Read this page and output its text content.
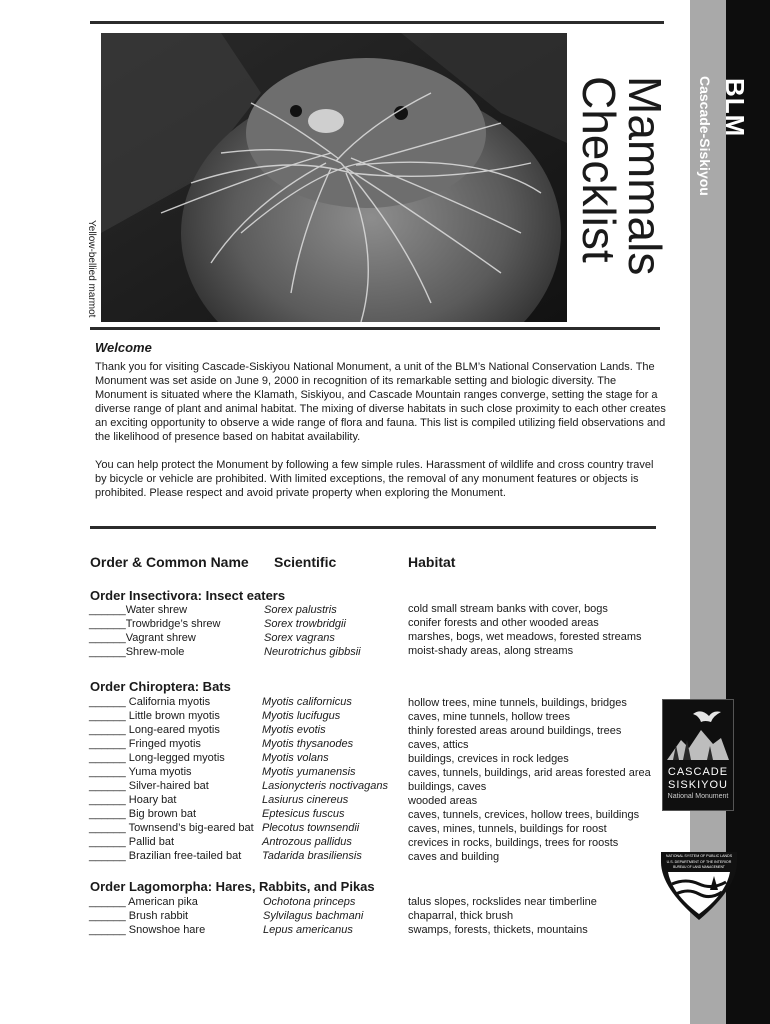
BLM
Cascade-Siskiyou
Mammals
Checklist
Yellow-bellied marmot
Welcome

Thank you for visiting Cascade-Siskiyou National Monument, a unit of the BLM’s National Conservation Lands. The Monument was set aside on June 9, 2000 in recognition of its remarkable setting and biologic diversity. The Monument is situated where the Klamath, Siskiyou, and Cascade Mountain ranges converge, setting the stage for a diverse range of plant and animal habitat. The mixing of diverse habitats in such close proximity to each other creates an exciting opportunity to observe a wide range of flora and fauna. This list is compiled utilizing field observations and the likelihood of presence based on habitat availability.

You can help protect the Monument by following a few simple rules. Harassment of wildlife and cross country travel by bicycle or vehicle are prohibited. With limited exceptions, the removal of any monument features or objects is prohibited. Please respect and avoid private property when exploring the Monument.

Order & Common Name Scientific	Habitat
Order Insectivora: Insect eaters
______Water shrew
______Trowbridge’s shrew
______Vagrant shrew
______Shrew-mole
Sorex palustris
Sorex trowbridgii
Sorex vagrans
Neurotrichus gibbsii
cold small stream banks with cover, bogs
conifer forests and other wooded areas
marshes, bogs, wet meadows, forested streams
moist-shady areas, along streams
Order Chiroptera: Bats
______ California myotis
______ Little brown myotis
______ Long-eared myotis
______ Fringed myotis
______ Long-legged myotis
______ Yuma myotis
______ Silver-haired bat
______ Hoary bat
______ Big brown bat
______ Townsend’s big-eared bat
______ Pallid bat
______ Brazilian free-tailed bat
Myotis californicus
Myotis lucifugus
Myotis evotis
Myotis thysanodes
Myotis volans
Myotis yumanensis
Lasionycteris noctivagans
Lasiurus cinereus
Eptesicus fuscus
Plecotus townsendii
Antrozous pallidus
Tadarida brasiliensis
hollow trees, mine tunnels, buildings, bridges
caves, mine tunnels, hollow trees
thinly forested areas around buildings, trees
caves, attics
buildings, crevices in rock ledges
caves, tunnels, buildings, arid areas forested area buildings, caves
wooded areas
caves, tunnels, crevices, hollow trees, buildings
caves, mines, tunnels, buildings for roost
crevices in rocks, buildings, trees for roosts
caves and building
Order Lagomorpha: Hares, Rabbits, and Pikas
______ American pika
______ Brush rabbit
______ Snowshoe hare
Ochotona princeps
Sylvilagus bachmani
Lepus americanus
talus slopes, rockslides near timberline
chaparral, thick brush
swamps, forests, thickets, mountains
CASCADE
SISKIYOU
National Monument
NATIONAL SYSTEM OF PUBLIC LANDS
U.S. DEPARTMENT OF THE INTERIOR
BUREAU OF LAND MANAGEMENT
